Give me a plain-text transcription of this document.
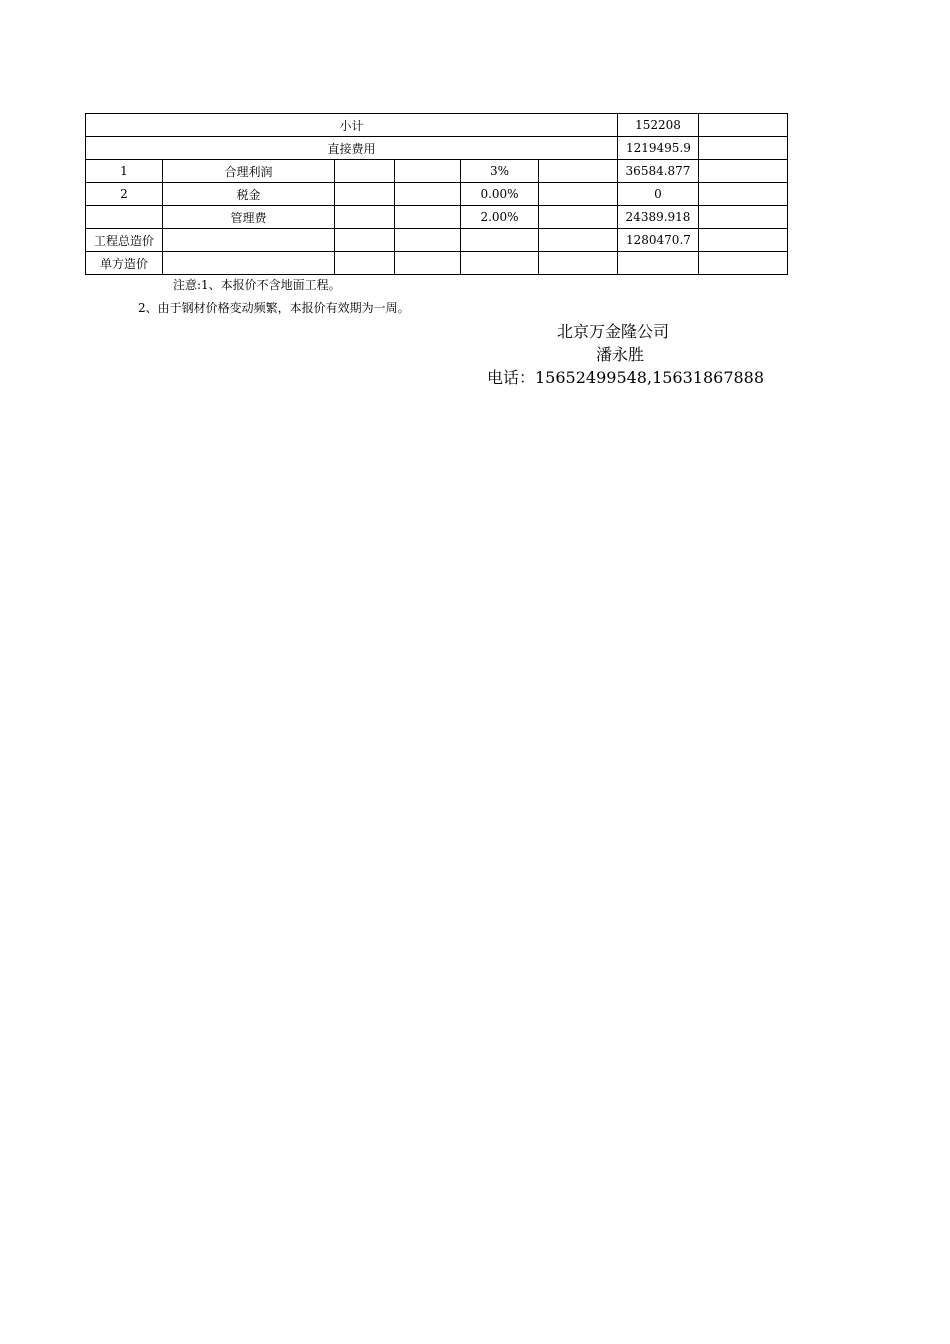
小计						152208	
直接费用						1219495.9	
1	合理利润			3%		36584.877	
2	税金			0.00%		0	
	管理费			2.00%		24389.918	
工程总造价						1280470.7	
单方造价							
注意:1、本报价不含地面工程。
2、由于钢材价格变动频繁，本报价有效期为一周。
北京万金隆公司
潘永胜
电话：15652499548,15631867888
